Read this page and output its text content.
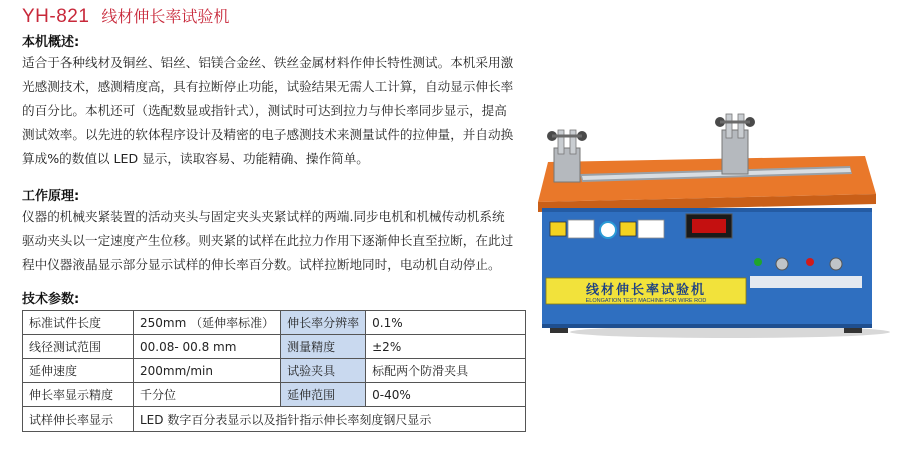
YH-821 线材伸长率试验机
本机概述:

适合于各种线材及铜丝、铝丝、铝镁合金丝、铁丝金属材料作伸长特性测试。本机采用激

光感测技术，感测精度高，具有拉断停止功能，试验结果无需人工计算，自动显示伸长率

的百分比。本机还可（选配数显或指针式），测试时可达到拉力与伸长率同步显示，提高

测试效率。以先进的软体程序设计及精密的电子感测技术来测量试件的拉伸量，并自动换

算成%的数值以 LED 显示，读取容易、功能精确、操作简单。

工作原理:

仪器的机械夹紧装置的活动夹头与固定夹头夹紧试样的两端.同步电机和机械传动机系统

驱动夹头以一定速度产生位移。则夹紧的试样在此拉力作用下逐渐伸长直至拉断，在此过

程中仪器液晶显示部分显示试样的伸长率百分数。试样拉断地同时，电动机自动停止。

技术参数:
标准试件长度	250mm （延伸率标准）	伸长率分辨率	0.1%
线径测试范围	00.08- 00.8 mm	测量精度	±2%
延伸速度	200mm/min	试验夹具	标配两个防滑夹具
伸长率显示精度	千分位	延伸范围	0-40%
试样伸长率显示	LED 数字百分表显示以及指针指示伸长率刻度钢尺显示		
线材伸长率试验机
ELONGATION TEST MACHINE FOR WIRE ROD
